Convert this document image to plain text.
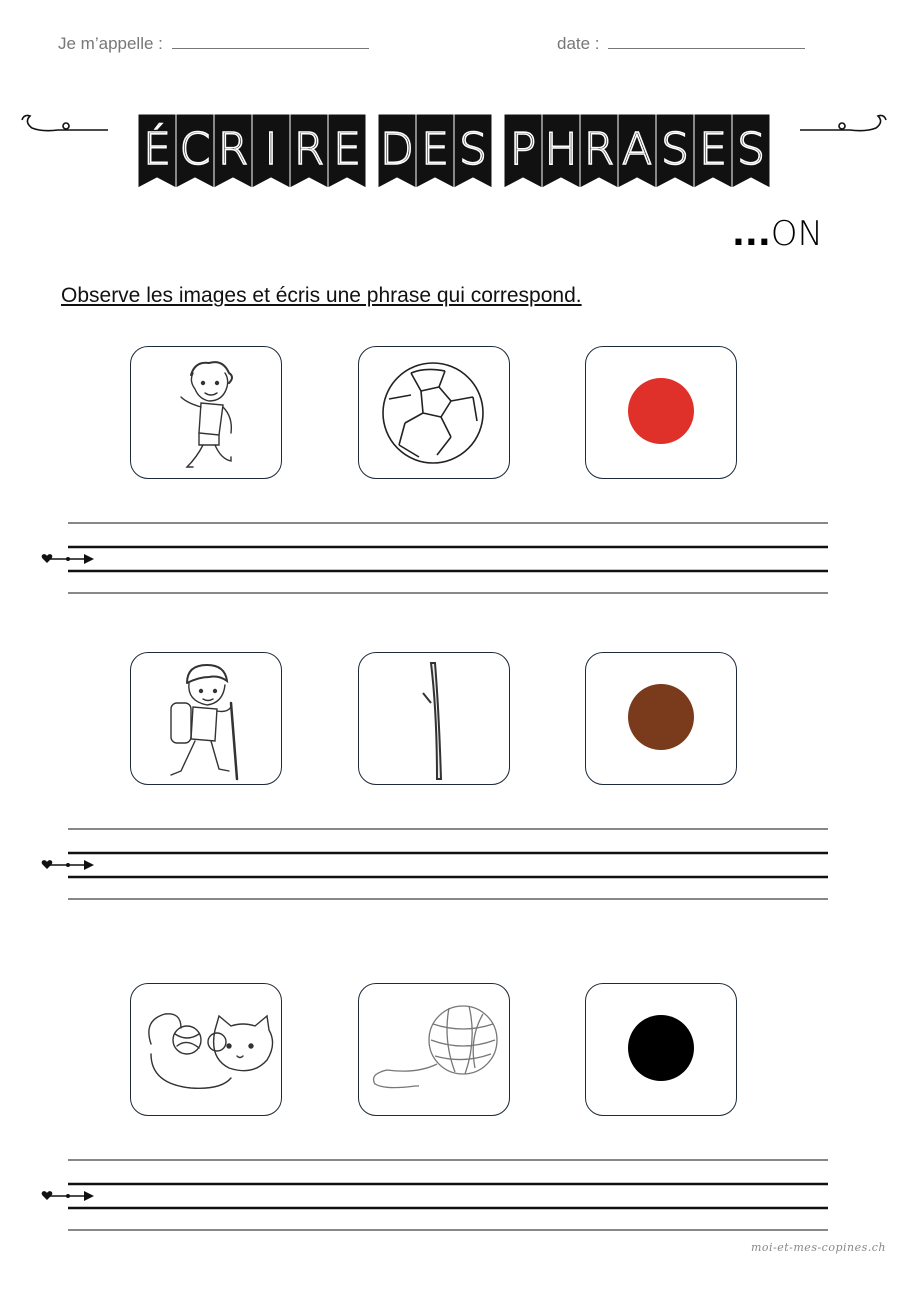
Je m’appelle :	date :
É C R I R E D E S P H R A S E S
...ON
Observe les images et écris une phrase qui correspond.
moi-et-mes-copines.ch
